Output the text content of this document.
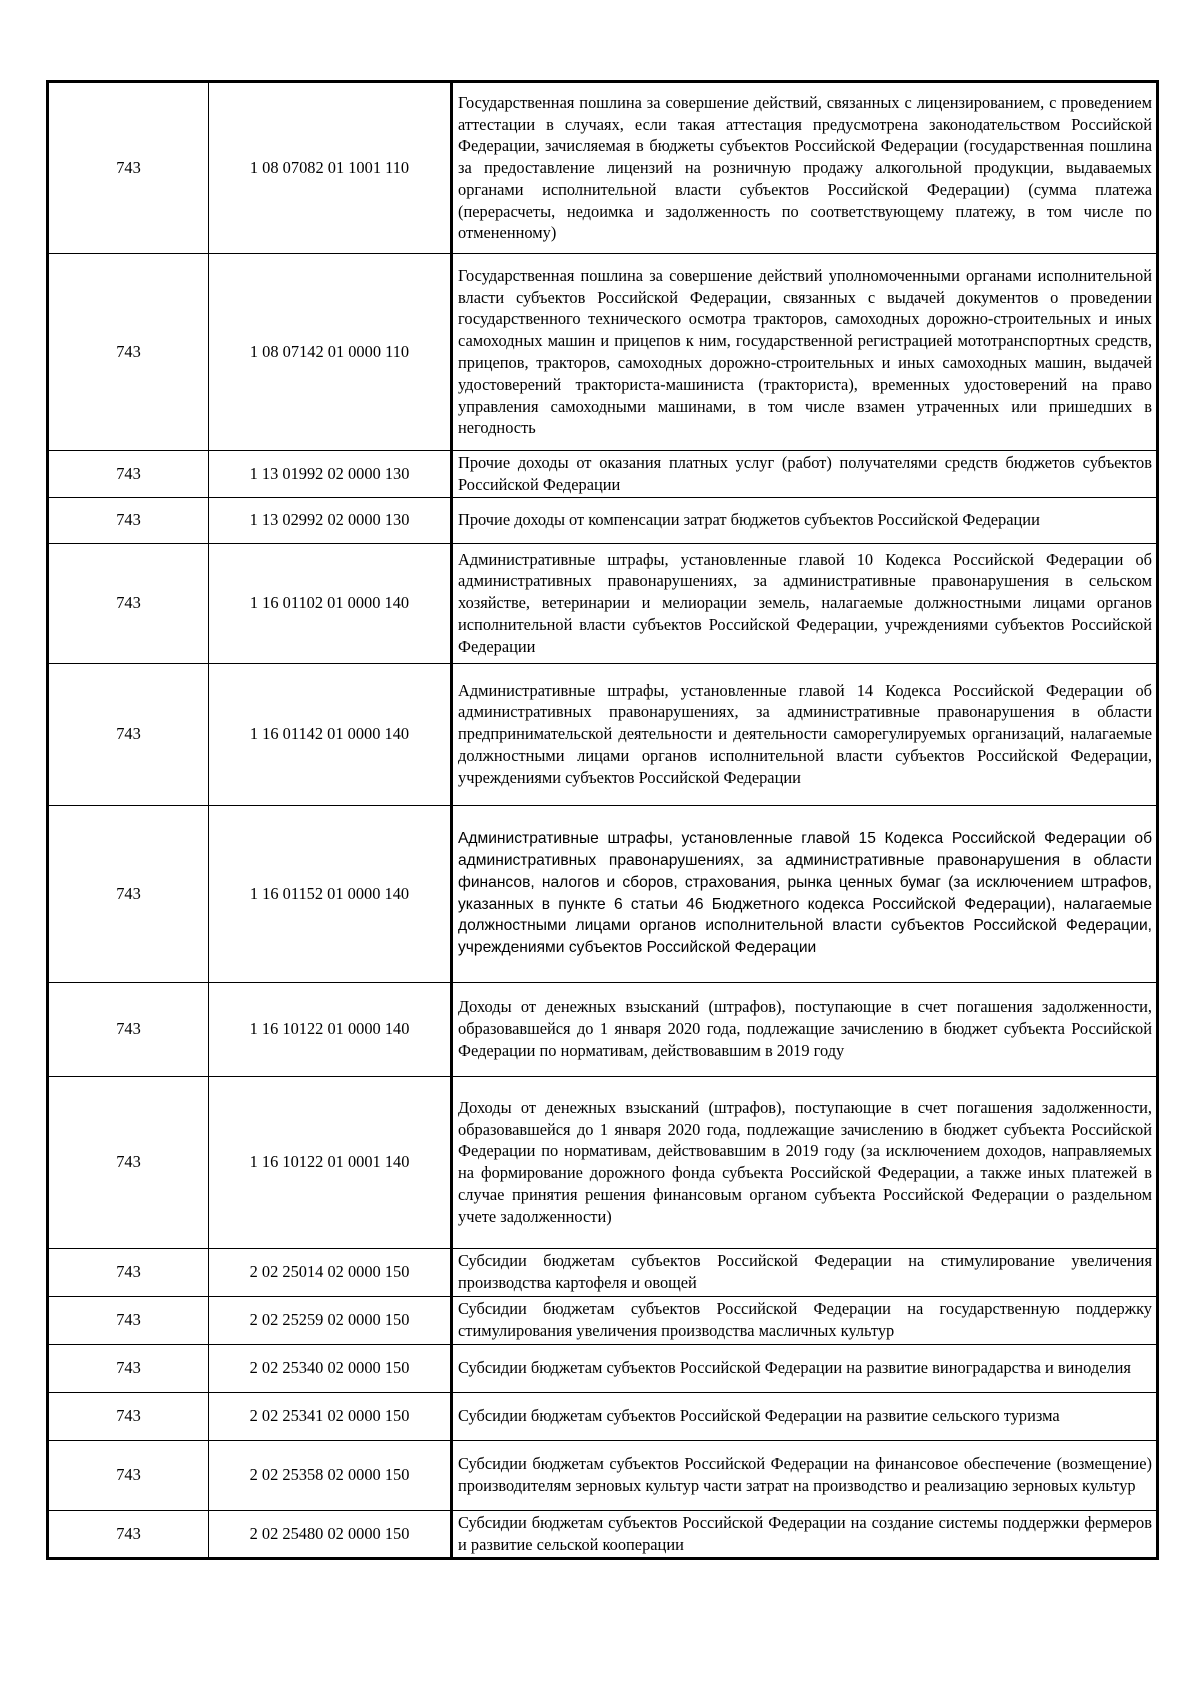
743	1 08 07082 01 1001 110	Государственная пошлина за совершение действий, связанных с лицензированием, с проведением аттестации в случаях, если такая аттестация предусмотрена законодательством Российской Федерации, зачисляемая в бюджеты субъектов Российской Федерации (государственная пошлина за предоставление лицензий на розничную продажу алкогольной продукции, выдаваемых органами исполнительной власти субъектов Российской Федерации) (сумма платежа (перерасчеты, недоимка и задолженность по соответствующему платежу, в том числе по отмененному)
743	1 08 07142 01 0000 110	Государственная пошлина за совершение действий уполномоченными органами исполнительной власти субъектов Российской Федерации, связанных с выдачей документов о проведении государственного технического осмотра тракторов, самоходных дорожно-строительных и иных самоходных машин и прицепов к ним, государственной регистрацией мототранспортных средств, прицепов, тракторов, самоходных дорожно-строительных и иных самоходных машин, выдачей удостоверений тракториста-машиниста (тракториста), временных удостоверений на право управления самоходными машинами, в том числе взамен утраченных или пришедших в негодность
743	1 13 01992 02 0000 130	Прочие доходы от оказания платных услуг (работ) получателями средств бюджетов субъектов Российской Федерации
743	1 13 02992 02 0000 130	Прочие доходы от компенсации затрат бюджетов субъектов Российской Федерации
743	1 16 01102 01 0000 140	Административные штрафы, установленные главой 10 Кодекса Российской Федерации об административных правонарушениях, за административные правонарушения в сельском хозяйстве, ветеринарии и мелиорации земель, налагаемые должностными лицами органов исполнительной власти субъектов Российской Федерации, учреждениями субъектов Российской Федерации
743	1 16 01142 01 0000 140	Административные штрафы, установленные главой 14 Кодекса Российской Федерации об административных правонарушениях, за административные правонарушения в области предпринимательской деятельности и деятельности саморегулируемых организаций, налагаемые должностными лицами органов исполнительной власти субъектов Российской Федерации, учреждениями субъектов Российской Федерации
743	1 16 01152 01 0000 140	Административные штрафы, установленные главой 15 Кодекса Российской Федерации об административных правонарушениях, за административные правонарушения в области финансов, налогов и сборов, страхования, рынка ценных бумаг (за исключением штрафов, указанных в пункте 6 статьи 46 Бюджетного кодекса Российской Федерации), налагаемые должностными лицами органов исполнительной власти субъектов Российской Федерации, учреждениями субъектов Российской Федерации
743	1 16 10122 01 0000 140	Доходы от денежных взысканий (штрафов), поступающие в счет погашения задолженности, образовавшейся до 1 января 2020 года, подлежащие зачислению в бюджет субъекта Российской Федерации по нормативам, действовавшим в 2019 году
743	1 16 10122 01 0001 140	Доходы от денежных взысканий (штрафов), поступающие в счет погашения задолженности, образовавшейся до 1 января 2020 года, подлежащие зачислению в бюджет субъекта Российской Федерации по нормативам, действовавшим в 2019 году (за исключением доходов, направляемых на формирование дорожного фонда субъекта Российской Федерации, а также иных платежей в случае принятия решения финансовым органом субъекта Российской Федерации о раздельном учете задолженности)
743	2 02 25014 02 0000 150	Субсидии бюджетам субъектов Российской Федерации на стимулирование увеличения производства картофеля и овощей
743	2 02 25259 02 0000 150	Субсидии бюджетам субъектов Российской Федерации на государственную поддержку стимулирования увеличения производства масличных культур
743	2 02 25340 02 0000 150	Субсидии бюджетам субъектов Российской Федерации на развитие виноградарства и виноделия
743	2 02 25341 02 0000 150	Субсидии бюджетам субъектов Российской Федерации на развитие сельского туризма
743	2 02 25358 02 0000 150	Субсидии бюджетам субъектов Российской Федерации на финансовое обеспечение (возмещение) производителям зерновых культур части затрат на производство и реализацию зерновых культур
743	2 02 25480 02 0000 150	Субсидии бюджетам субъектов Российской Федерации на создание системы поддержки фермеров и развитие сельской кооперации
